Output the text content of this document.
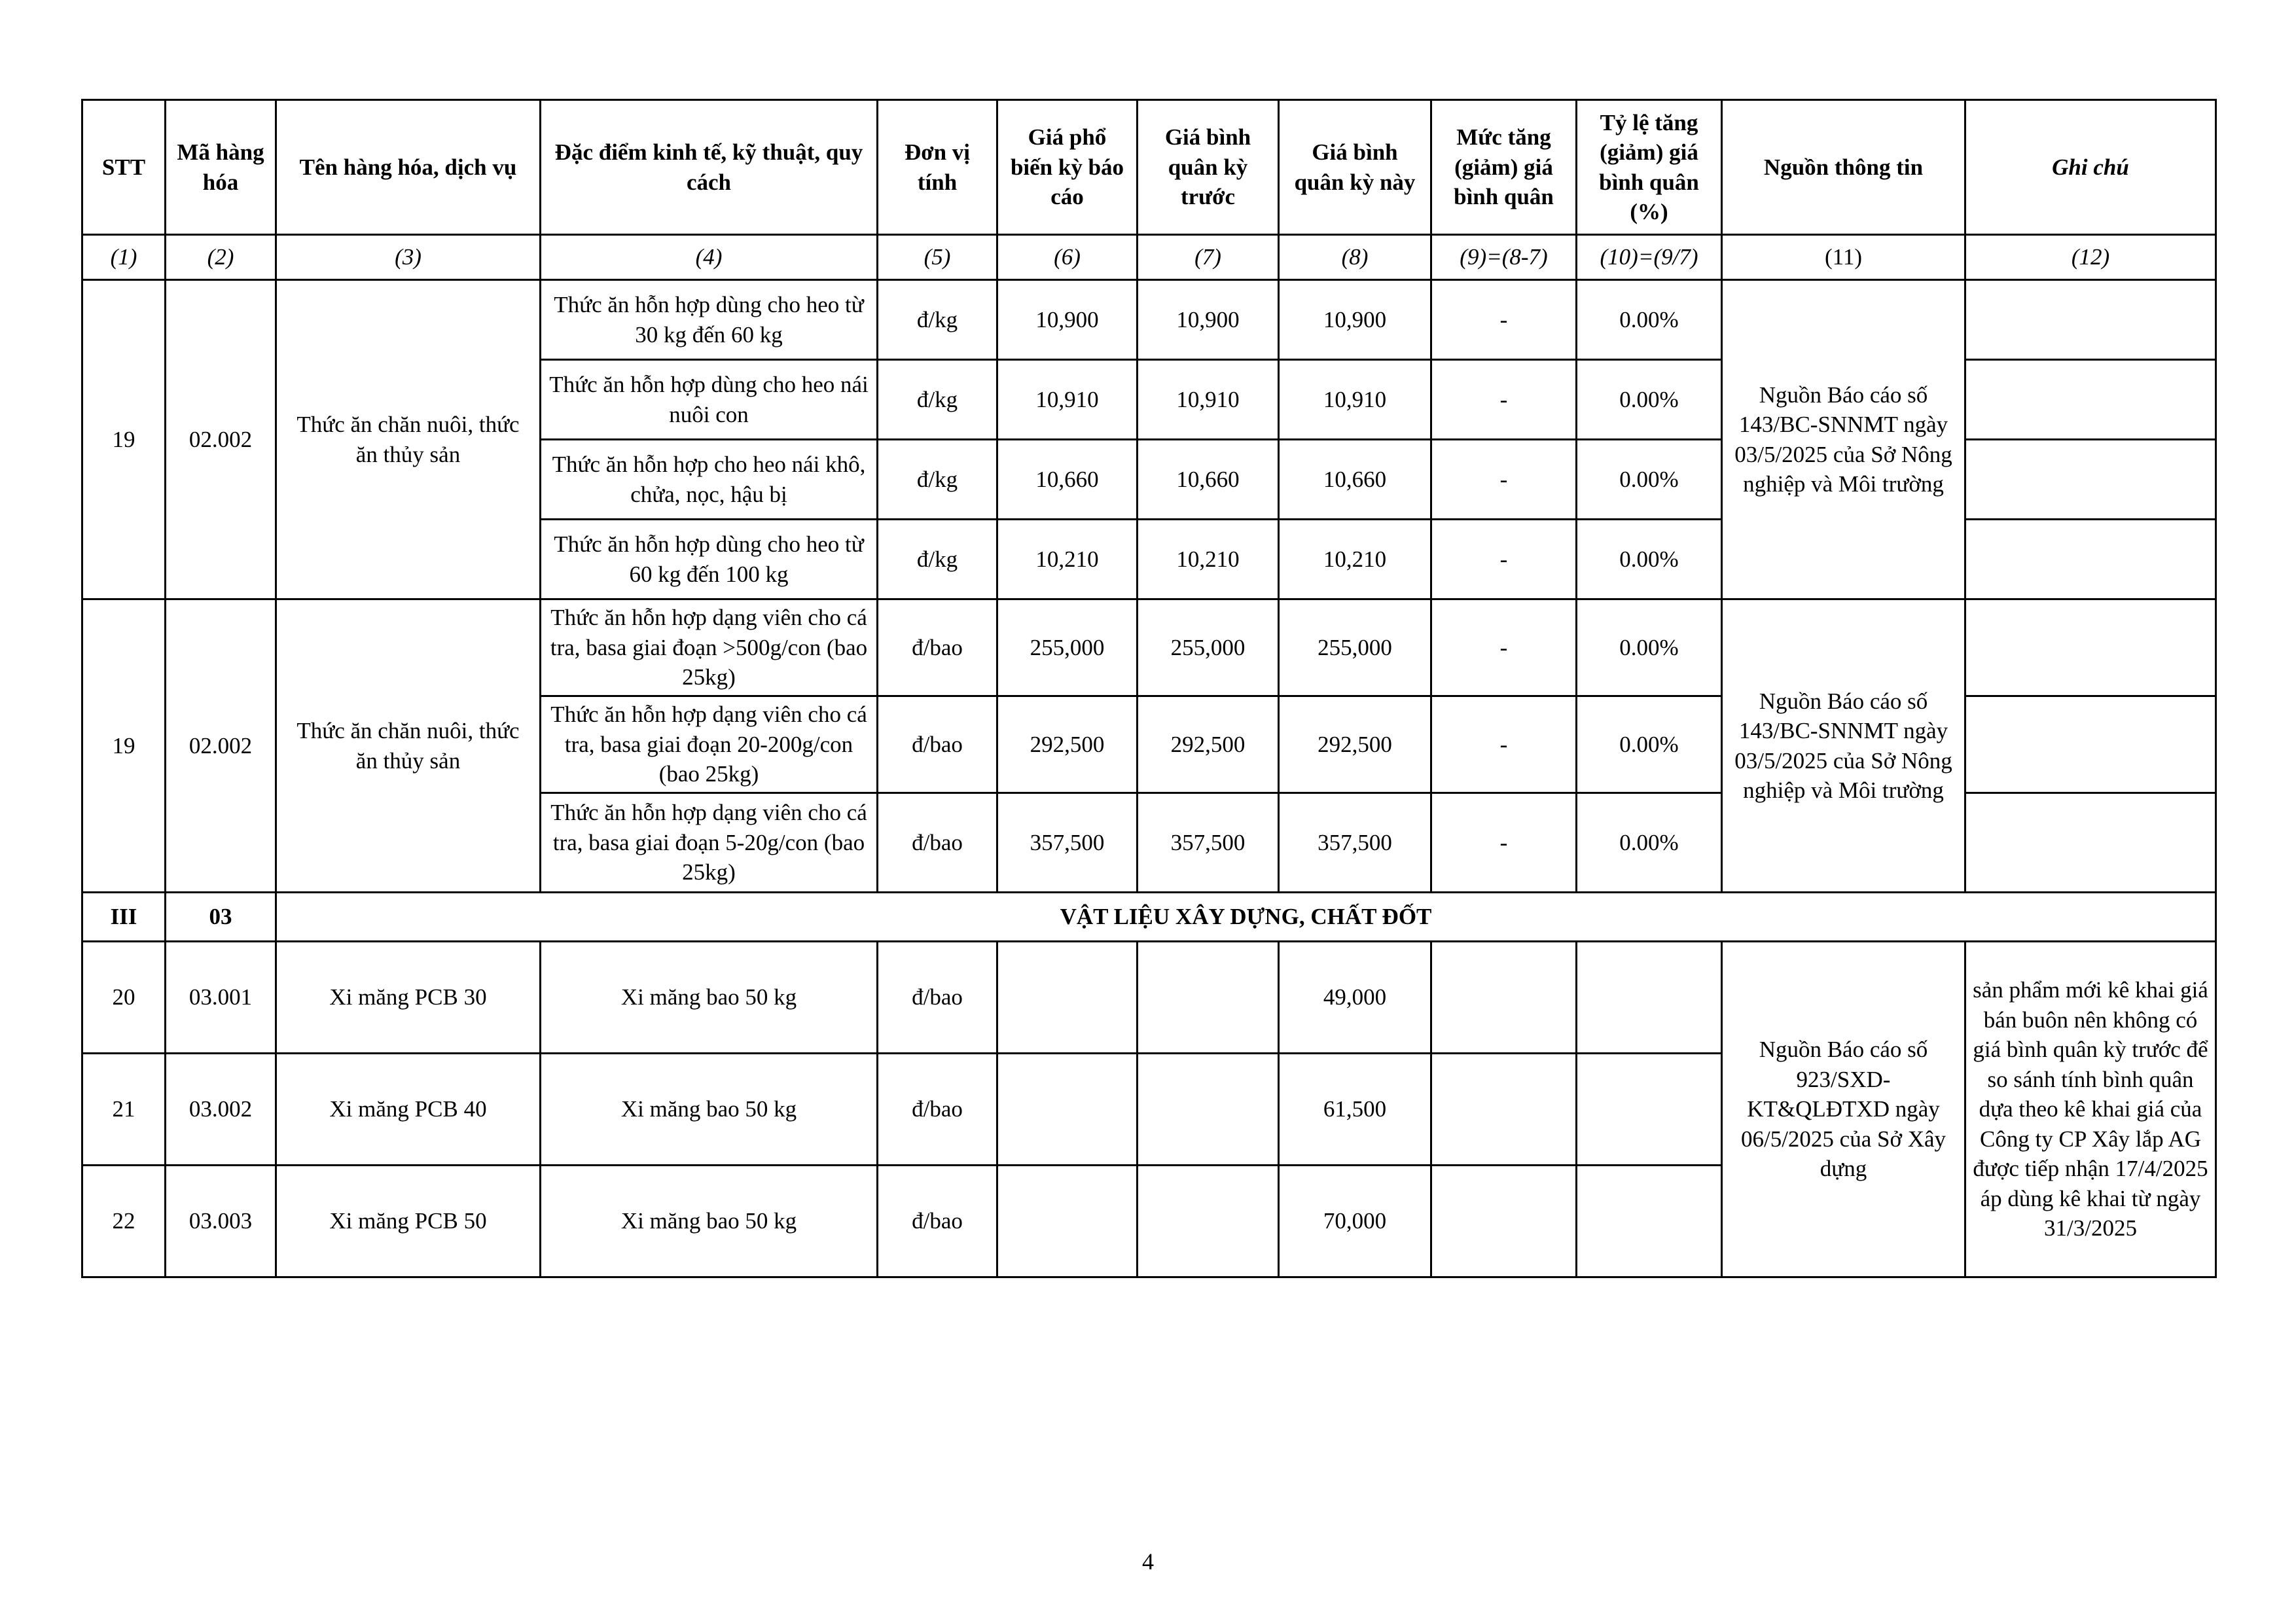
STT	Mã hàng hóa	Tên hàng hóa, dịch vụ	Đặc điểm kinh tế, kỹ thuật, quy cách	Đơn vị tính	Giá phổ biến kỳ báo cáo	Giá bình quân kỳ trước	Giá bình quân kỳ này	Mức tăng (giảm) giá bình quân	Tỷ lệ tăng (giảm) giá bình quân (%)	Nguồn thông tin	Ghi chú
(1)	(2)	(3)	(4)	(5)	(6)	(7)	(8)	(9)=(8-7)	(10)=(9/7)	(11)	(12)
19	02.002	Thức ăn chăn nuôi, thức ăn thủy sản	Thức ăn hỗn hợp dùng cho heo từ 30 kg đến 60 kg	đ/kg	10,900	10,900	10,900	-	0.00%	Nguồn Báo cáo số 143/BC-SNNMT ngày 03/5/2025 của Sở Nông nghiệp và Môi trường	
			Thức ăn hỗn hợp dùng cho heo nái nuôi con	đ/kg	10,910	10,910	10,910	-	0.00%		
			Thức ăn hỗn hợp cho heo nái khô, chửa, nọc, hậu bị	đ/kg	10,660	10,660	10,660	-	0.00%		
			Thức ăn hỗn hợp dùng cho heo từ 60 kg đến 100 kg	đ/kg	10,210	10,210	10,210	-	0.00%		
19	02.002	Thức ăn chăn nuôi, thức ăn thủy sản	Thức ăn hỗn hợp dạng viên cho cá tra, basa giai đoạn >500g/con (bao 25kg)	đ/bao	255,000	255,000	255,000	-	0.00%	Nguồn Báo cáo số 143/BC-SNNMT ngày 03/5/2025 của Sở Nông nghiệp và Môi trường	
			Thức ăn hỗn hợp dạng viên cho cá tra, basa giai đoạn 20-200g/con (bao 25kg)	đ/bao	292,500	292,500	292,500	-	0.00%		
			Thức ăn hỗn hợp dạng viên cho cá tra, basa giai đoạn 5-20g/con (bao 25kg)	đ/bao	357,500	357,500	357,500	-	0.00%		
III	03	VẬT LIỆU XÂY DỰNG, CHẤT ĐỐT									
20	03.001	Xi măng PCB 30	Xi măng bao 50 kg	đ/bao			49,000			Nguồn Báo cáo số 923/SXD-KT&QLĐTXD ngày 06/5/2025 của Sở Xây dựng	sản phẩm mới kê khai giá bán buôn nên không có giá bình quân kỳ trước để so sánh tính bình quân dựa theo kê khai giá của Công ty CP Xây lắp AG được tiếp nhận 17/4/2025 áp dùng kê khai từ ngày 31/3/2025
21	03.002	Xi măng PCB 40	Xi măng bao 50 kg	đ/bao			61,500				
22	03.003	Xi măng PCB 50	Xi măng bao 50 kg	đ/bao			70,000				
4
